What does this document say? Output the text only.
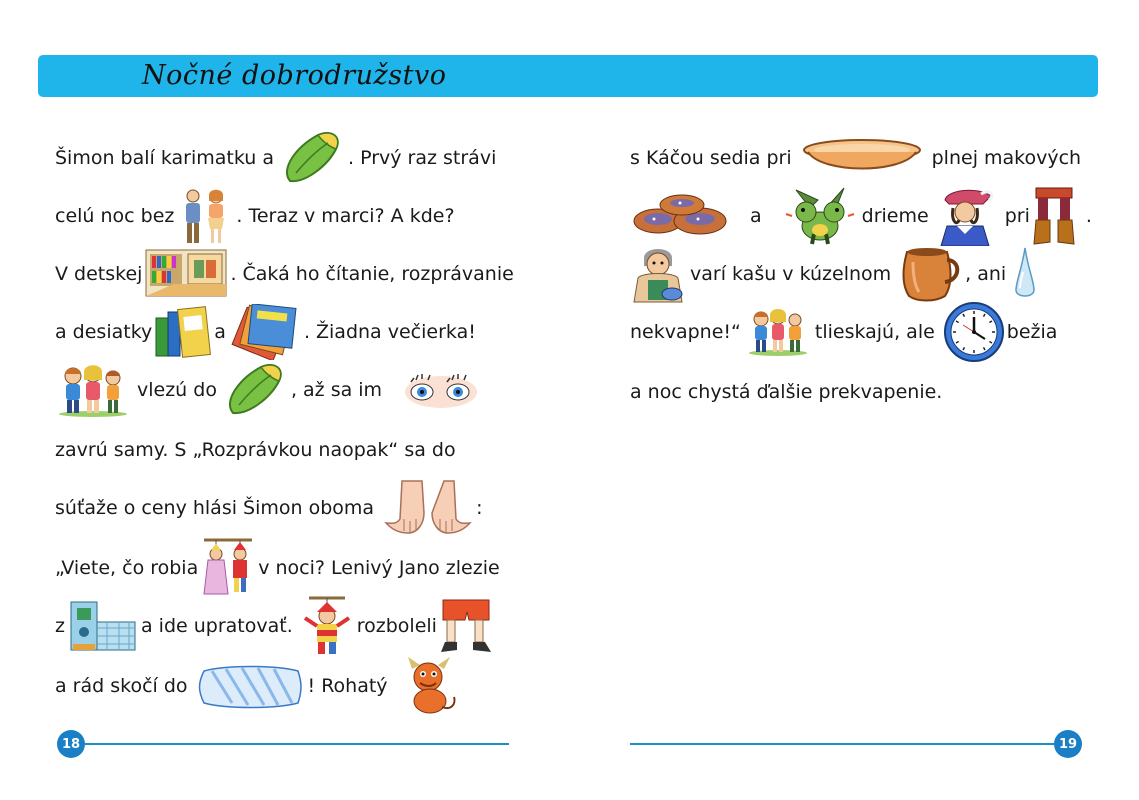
Nočné dobrodružstvo
Šimon balí karimatku a	. Prvý raz strávi
celú noc bez	. Teraz v marci? A kde?
V detskej	. Čaká ho čítanie, rozprávanie
a desiatky	a	. Žiadna večierka!
vlezú do	, až sa im
zavrú samy. S „Rozprávkou naopak“ sa do
súťaže o ceny hlási Šimon oboma	:
„Viete, čo robia	v noci? Lenivý Jano zlezie
z	a ide upratovať.	rozboleli
a rád skočí do	! Rohatý
18
s Káčou sedia pri	plnej makových
a	drieme	pri	.
varí kašu v kúzelnom	, ani
nekvapne!“	tlieskajú, ale	bežia
a noc chystá ďalšie prekvapenie.
19
